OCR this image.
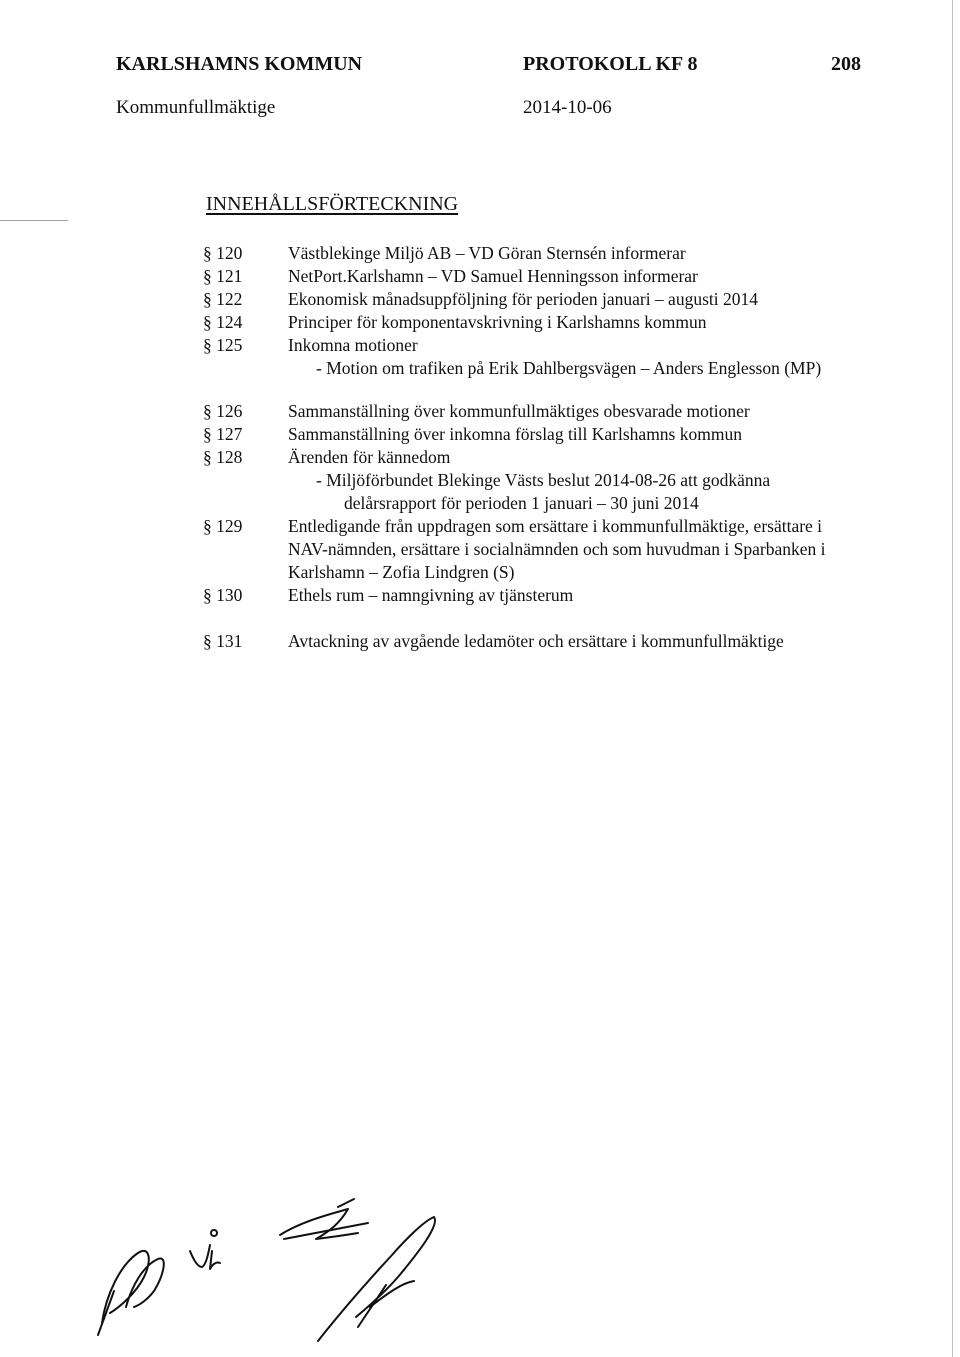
KARLSHAMNS KOMMUN	PROTOKOLL KF 8	208
Kommunfullmäktige	2014-10-06
INNEHÅLLSFÖRTECKNING
§ 120	Västblekinge Miljö AB – VD Göran Sternsén informerar
§ 121	NetPort.Karlshamn – VD Samuel Henningsson informerar
§ 122	Ekonomisk månadsuppföljning för perioden januari – augusti 2014
§ 124	Principer för komponentavskrivning i Karlshamns kommun
§ 125	Inkomna motioner
- Motion om trafiken på Erik Dahlbergsvägen – Anders Englesson (MP)
§ 126	Sammanställning över kommunfullmäktiges obesvarade motioner
§ 127	Sammanställning över inkomna förslag till Karlshamns kommun
§ 128	Ärenden för kännedom
- Miljöförbundet Blekinge Västs beslut 2014-08-26 att godkänna
delårsrapport för perioden 1 januari – 30 juni 2014
§ 129	Entledigande från uppdragen som ersättare i kommunfullmäktige, ersättare i
NAV-nämnden, ersättare i socialnämnden och som huvudman i Sparbanken i
Karlshamn – Zofia Lindgren (S)
§ 130	Ethels rum – namngivning av tjänsterum
§ 131	Avtackning av avgående ledamöter och ersättare i kommunfullmäktige
